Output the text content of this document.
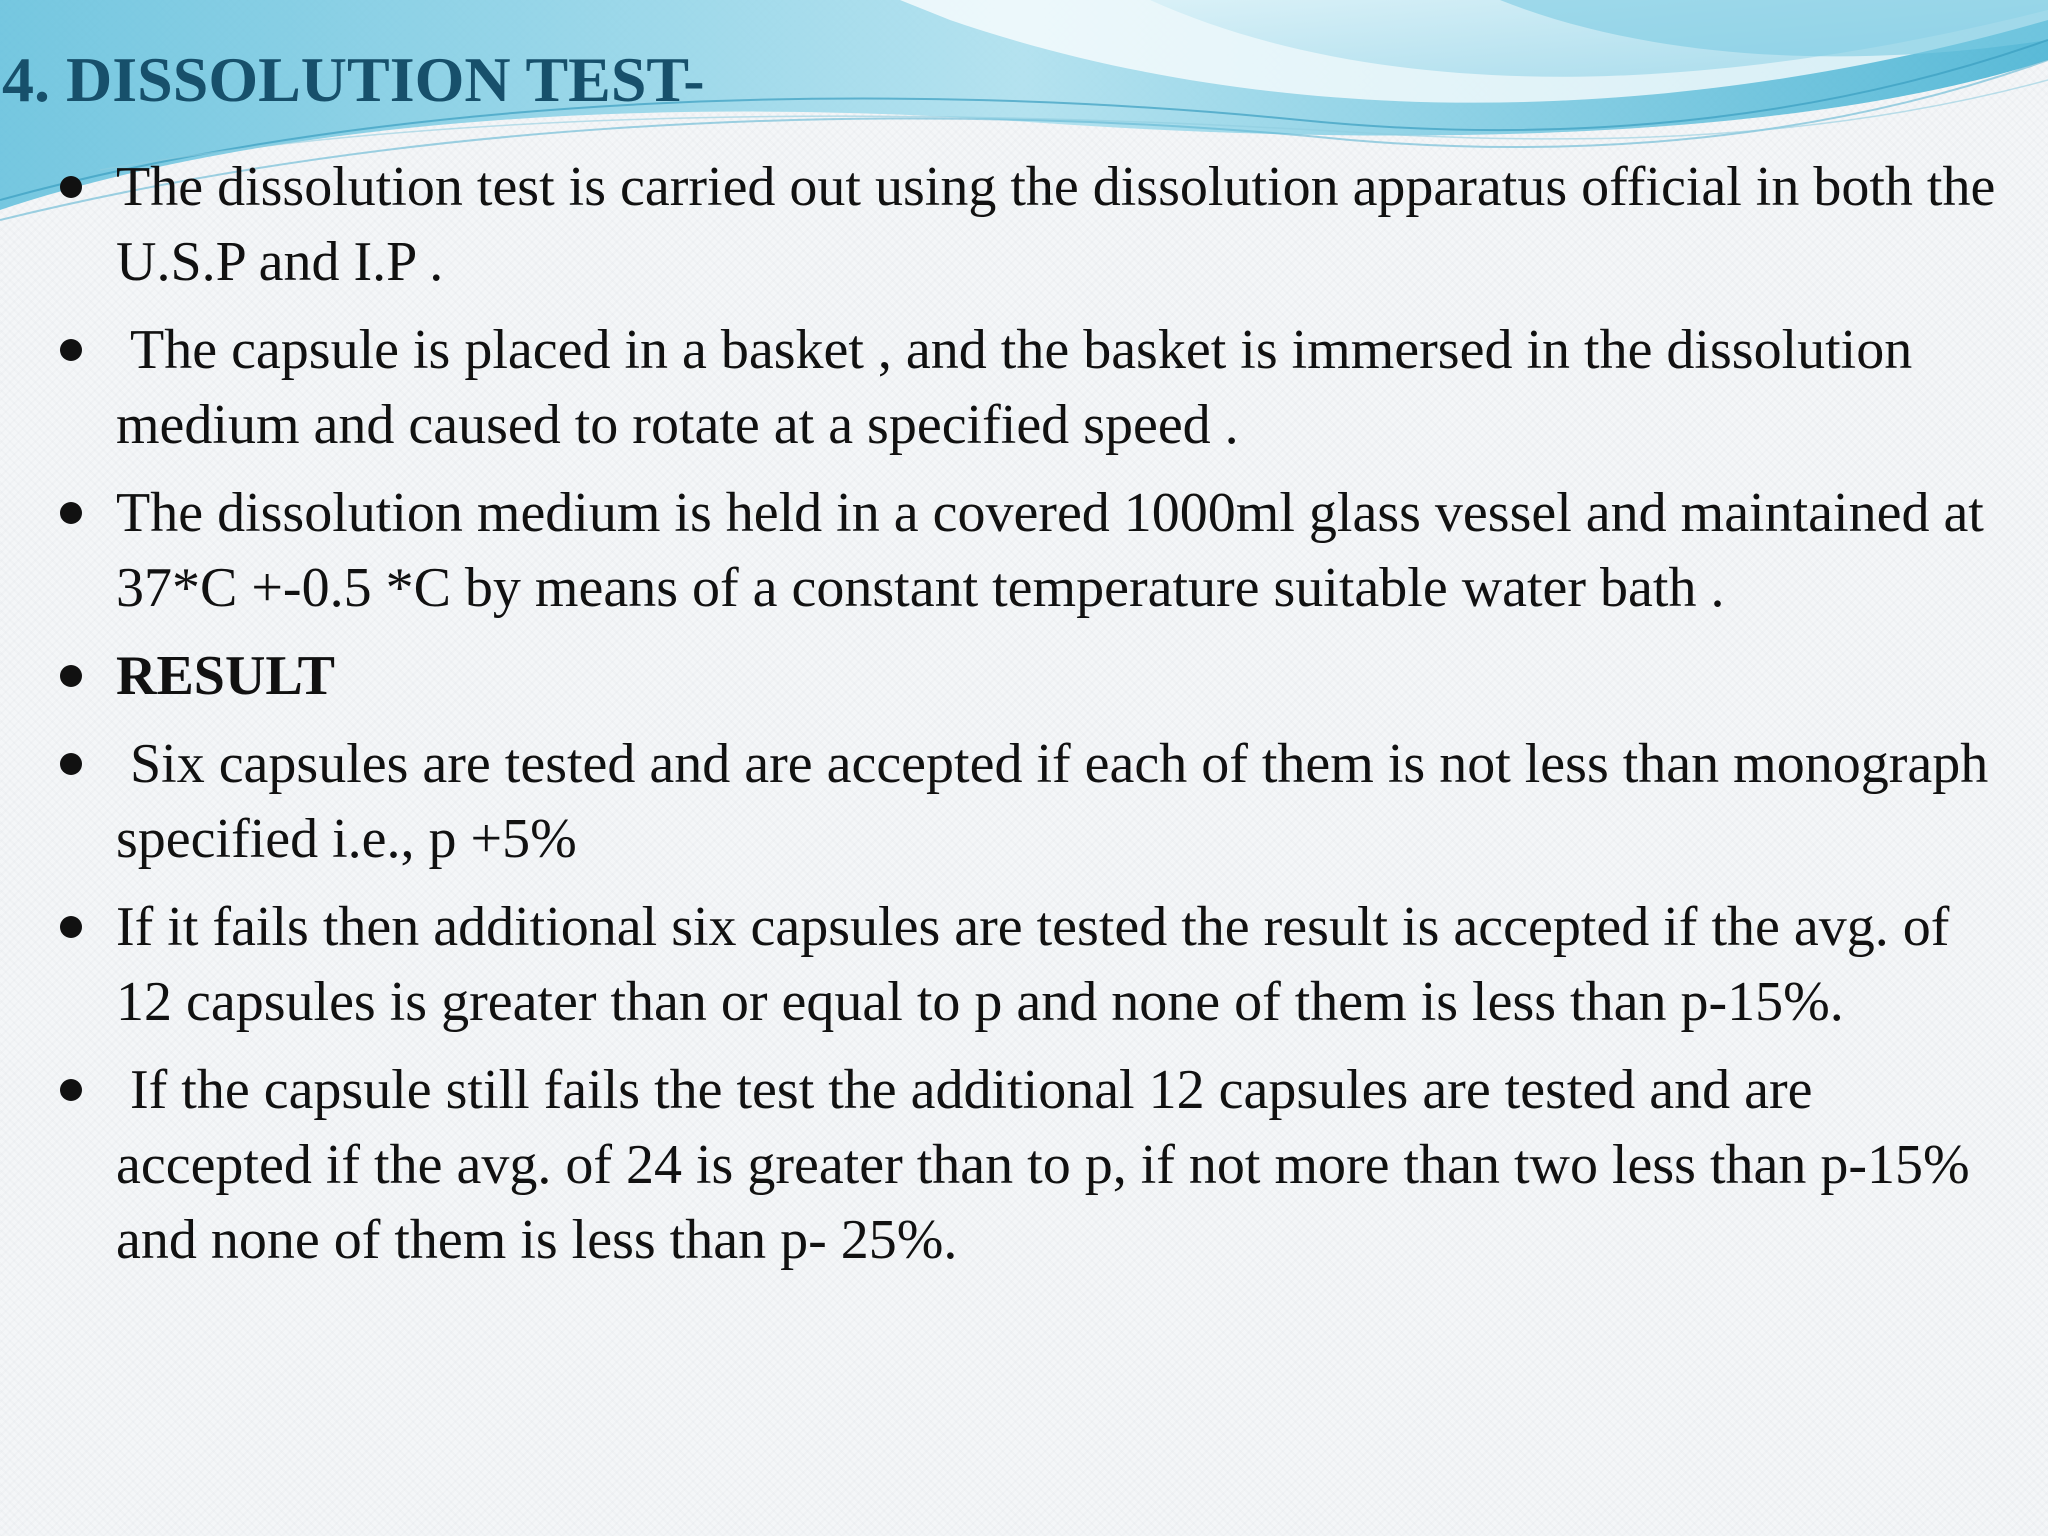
4. DISSOLUTION TEST-
The dissolution test is carried out using the dissolution apparatus official in both the U.S.P and I.P .
The capsule is placed in a basket , and the basket is immersed in the dissolution medium and caused to rotate at a specified speed .
The dissolution medium is held in a covered 1000ml glass vessel and maintained at 37*C +-0.5 *C by means of a constant temperature suitable water bath .
RESULT
Six capsules are tested and are accepted if each of them is not less than monograph specified i.e., p +5%
If it fails then additional six capsules are tested the result is accepted if the avg. of 12 capsules is greater than or equal to p and none of them is less than p-15%.
If the capsule still fails the test the additional 12 capsules are tested and are accepted if the avg. of 24 is greater than to p, if not more than two less than p-15% and none of them is less than p- 25%.
